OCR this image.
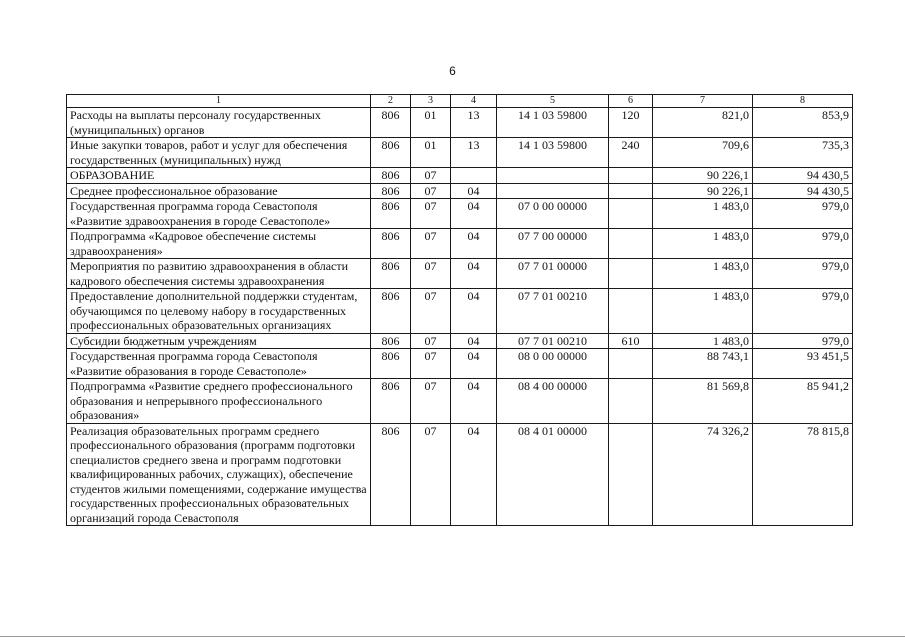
6
1	2	3	4	5	6	7	8
Расходы на выплаты персоналу государственных (муниципальных) органов	806	01	13	14 1 03 59800	120	821,0	853,9
Иные закупки товаров, работ и услуг для обеспечения государственных (муниципальных) нужд	806	01	13	14 1 03 59800	240	709,6	735,3
ОБРАЗОВАНИЕ	806	07				90 226,1	94 430,5
Среднее профессиональное образование	806	07	04			90 226,1	94 430,5
Государственная программа города Севастополя «Развитие здравоохранения в городе Севастополе»	806	07	04	07 0 00 00000		1 483,0	979,0
Подпрограмма «Кадровое обеспечение системы здравоохранения»	806	07	04	07 7 00 00000		1 483,0	979,0
Мероприятия по развитию здравоохранения в области кадрового обеспечения системы здравоохранения	806	07	04	07 7 01 00000		1 483,0	979,0
Предоставление дополнительной поддержки студентам, обучающимся по целевому набору в государственных профессиональных образовательных организациях	806	07	04	07 7 01 00210		1 483,0	979,0
Субсидии бюджетным учреждениям	806	07	04	07 7 01 00210	610	1 483,0	979,0
Государственная программа города Севастополя «Развитие образования в городе Севастополе»	806	07	04	08 0 00 00000		88 743,1	93 451,5
Подпрограмма «Развитие среднего профессионального образования и непрерывного профессионального образования»	806	07	04	08 4 00 00000		81 569,8	85 941,2
Реализация образовательных программ среднего профессионального образования (программ подготовки специалистов среднего звена и программ подготовки квалифицированных рабочих, служащих), обеспечение студентов жилыми помещениями, содержание имущества государственных профессиональных образовательных организаций города Севастополя	806	07	04	08 4 01 00000		74 326,2	78 815,8
